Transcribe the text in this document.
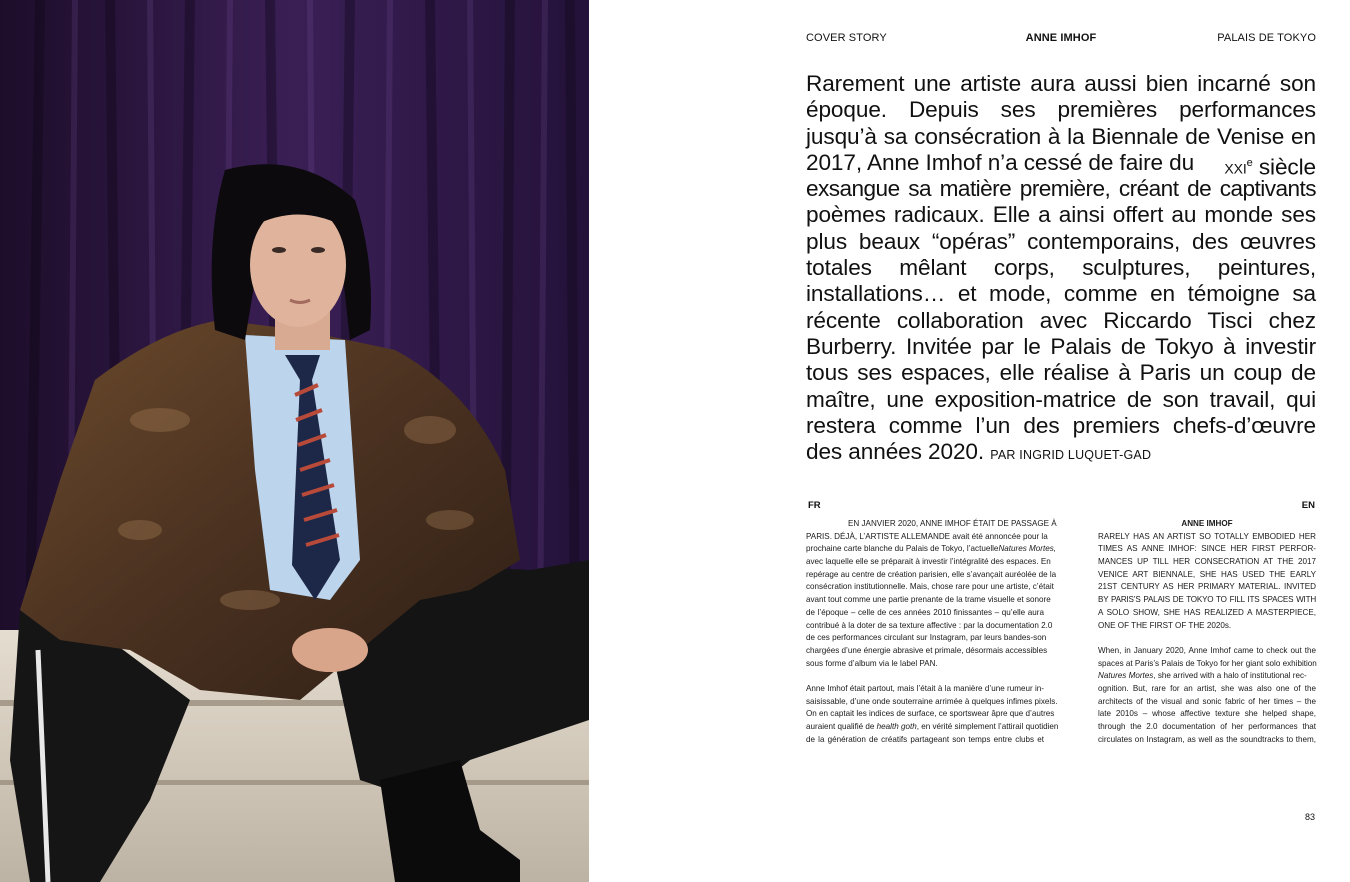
COVER STORY	ANNE IMHOF	PALAIS DE TOKYO
Rarement une artiste aura aussi bien incarné son
époque. Depuis ses premières performances
jusqu’à sa consécration à la Biennale de Venise en
2017, Anne Imhof n’a cessé de faire du XXIe siècle
exsangue sa matière première, créant de captivants
poèmes radicaux. Elle a ainsi offert au monde ses
plus beaux “opéras” contemporains, des œuvres
totales mêlant corps, sculptures, peintures,
installations… et mode, comme en témoigne sa
récente collaboration avec Riccardo Tisci chez
Burberry. Invitée par le Palais de Tokyo à investir
tous ses espaces, elle réalise à Paris un coup de
maître, une exposition-matrice de son travail, qui
restera comme l’un des premiers chefs-d’œuvre
des années 2020. PAR INGRID LUQUET-GAD
FR	EN

EN JANVIER 2020, ANNE IMHOF ÉTAIT DE PASSAGE À
PARIS. DÉJÀ, L’ARTISTE ALLEMANDE avait été annoncée pour la
prochaine carte blanche du Palais de Tokyo, l’actuelle Natures Mortes,
avec laquelle elle se préparait à investir l’intégralité des espaces. En
repérage au centre de création parisien, elle s’avançait auréolée de la
consécration institutionnelle. Mais, chose rare pour une artiste, c’était
avant tout comme une partie prenante de la trame visuelle et sonore
de l’époque – celle de ces années 2010 finissantes – qu’elle aura
contribué à la doter de sa texture affective : par la documentation 2.0
de ces performances circulant sur Instagram, par leurs bandes-son
chargées d’une énergie abrasive et primale, désormais accessibles
sous forme d’album via le label PAN.

Anne Imhof était partout, mais l’était à la manière d’une rumeur in-
saisissable, d’une onde souterraine arrimée à quelques infimes pixels.
On en captait les indices de surface, ce sportswear âpre que d’autres
auraient qualifié de health goth, en vérité simplement l’attirail quotidien
de la génération de créatifs partageant son temps entre clubs et

ANNE IMHOF

RARELY HAS AN ARTIST SO TOTALLY EMBODIED HER
TIMES AS ANNE IMHOF: SINCE HER FIRST PERFOR-
MANCES UP TILL HER CONSECRATION AT THE 2017
VENICE ART BIENNALE, SHE HAS USED THE EARLY
21ST CENTURY AS HER PRIMARY MATERIAL. INVITED
BY PARIS’S PALAIS DE TOKYO TO FILL ITS SPACES WITH
A SOLO SHOW, SHE HAS REALIZED A MASTERPIECE,
ONE OF THE FIRST OF THE 2020s.

When, in January 2020, Anne Imhof came to check out the
spaces at Paris’s Palais de Tokyo for her giant solo exhibition
Natures Mortes, she arrived with a halo of institutional rec-
ognition. But, rare for an artist, she was also one of the
architects of the visual and sonic fabric of her times – the
late 2010s – whose affective texture she helped shape,
through the 2.0 documentation of her performances that
circulates on Instagram, as well as the soundtracks to them,

83
